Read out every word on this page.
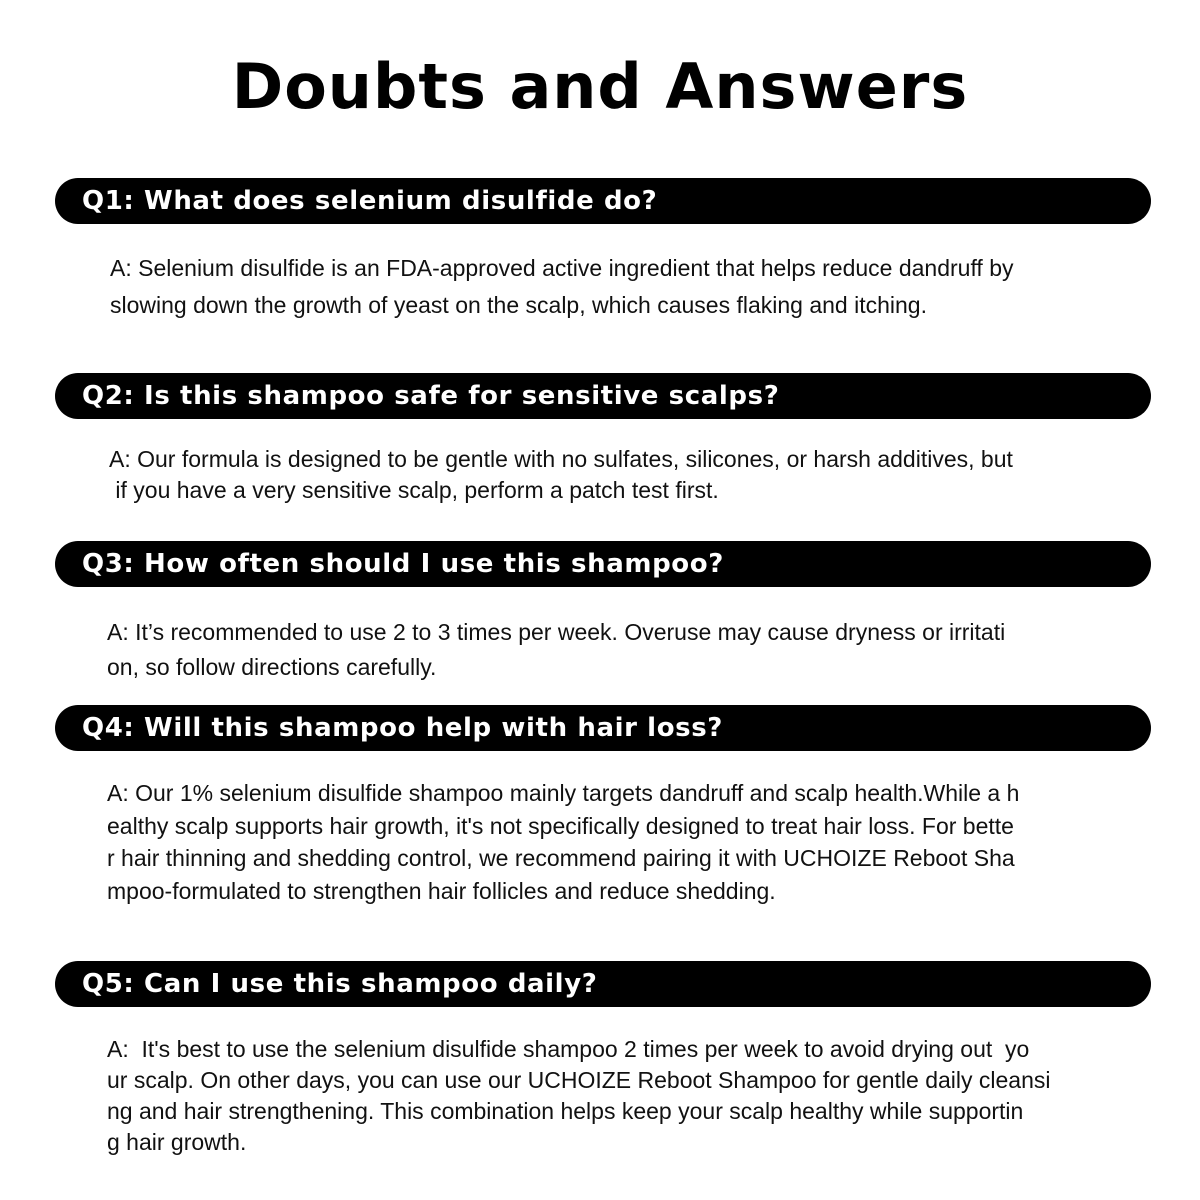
Doubts and Answers
Q1: What does selenium disulfide do?
A: Selenium disulfide is an FDA-approved active ingredient that helps reduce dandruff by
slowing down the growth of yeast on the scalp, which causes flaking and itching.
Q2: Is this shampoo safe for sensitive scalps?
A: Our formula is designed to be gentle with no sulfates, silicones, or harsh additives, but
if you have a very sensitive scalp, perform a patch test first.
Q3: How often should I use this shampoo?
A: It’s recommended to use 2 to 3 times per week. Overuse may cause dryness or irritati
on, so follow directions carefully.
Q4: Will this shampoo help with hair loss?
A: Our 1% selenium disulfide shampoo mainly targets dandruff and scalp health.While a h
ealthy scalp supports hair growth, it's not specifically designed to treat hair loss. For bette
r hair thinning and shedding control, we recommend pairing it with UCHOIZE Reboot Sha
mpoo-formulated to strengthen hair follicles and reduce shedding.
Q5: Can I use this shampoo daily?
A:  It's best to use the selenium disulfide shampoo 2 times per week to avoid drying out  yo
ur scalp. On other days, you can use our UCHOIZE Reboot Shampoo for gentle daily cleansi
ng and hair strengthening. This combination helps keep your scalp healthy while supportin
g hair growth.
